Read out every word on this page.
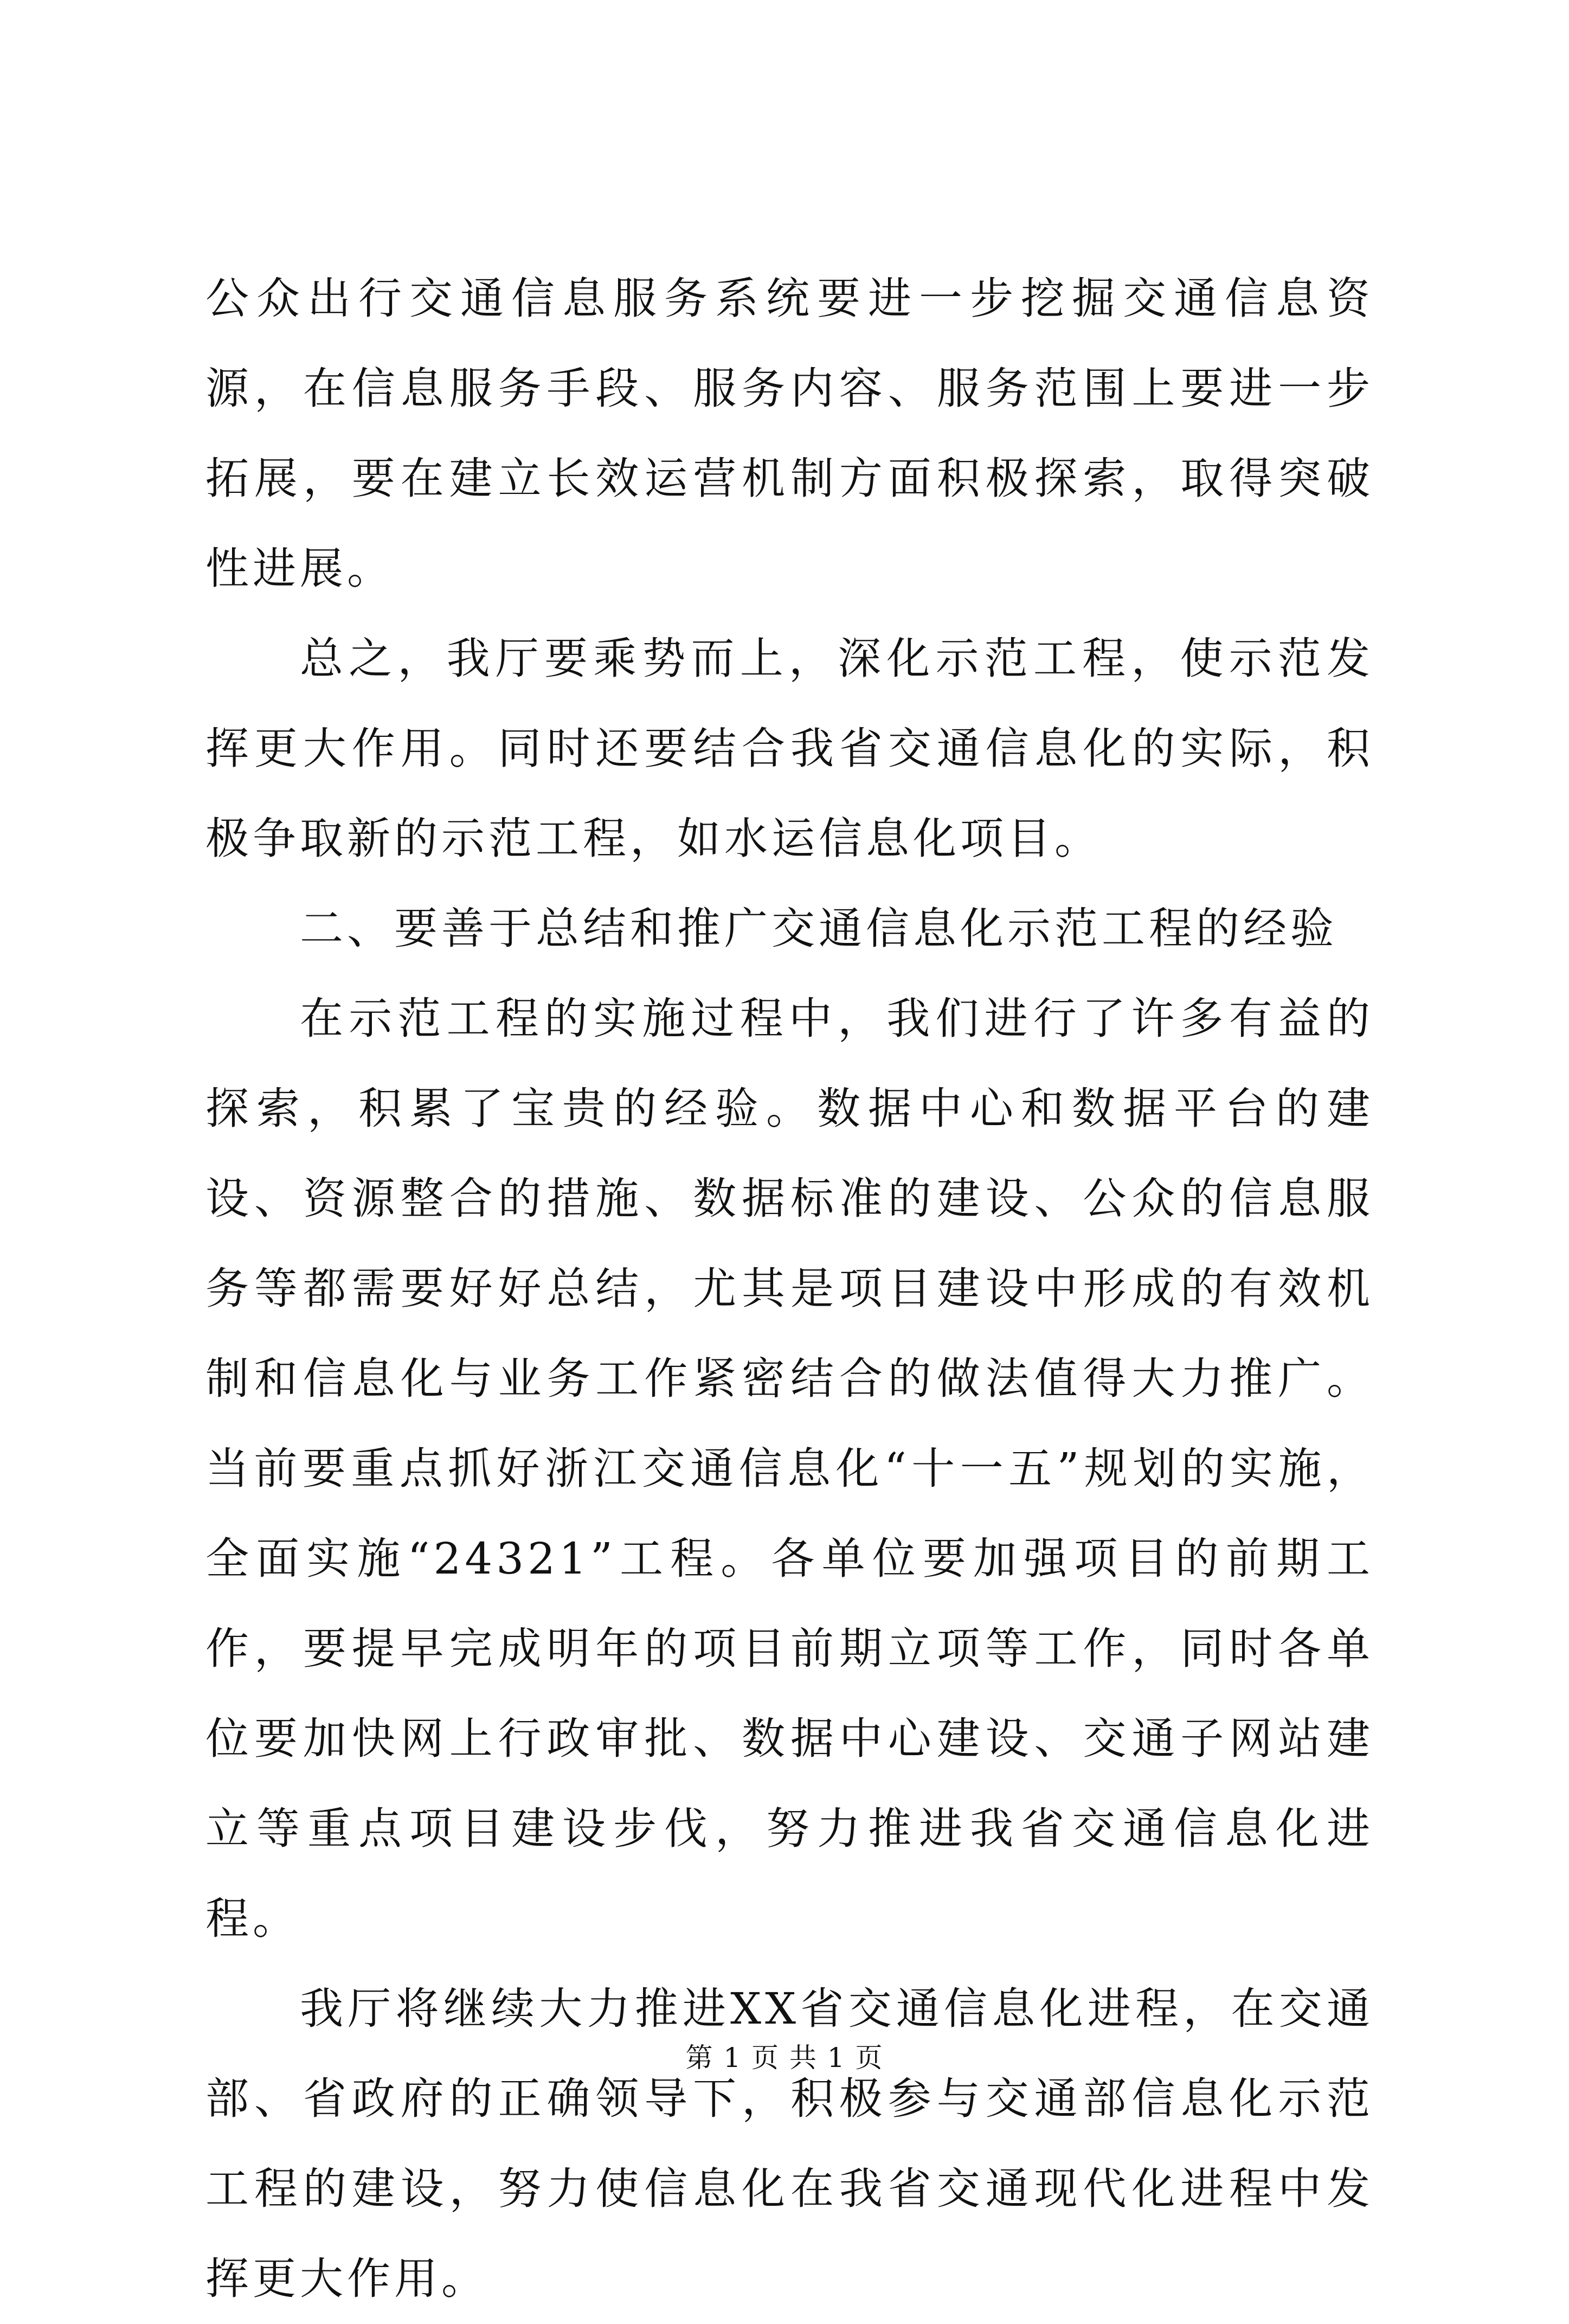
公众出行交通信息服务系统要进一步挖掘交通信息资源，在信息服务手段、服务内容、服务范围上要进一步拓展，要在建立长效运营机制方面积极探索，取得突破性进展。

总之，我厅要乘势而上，深化示范工程，使示范发挥更大作用。同时还要结合我省交通信息化的实际，积极争取新的示范工程，如水运信息化项目。

二、要善于总结和推广交通信息化示范工程的经验

在示范工程的实施过程中，我们进行了许多有益的探索，积累了宝贵的经验。数据中心和数据平台的建设、资源整合的措施、数据标准的建设、公众的信息服务等都需要好好总结，尤其是项目建设中形成的有效机制和信息化与业务工作紧密结合的做法值得大力推广。当前要重点抓好浙江交通信息化“十一五”规划的实施，全面实施“24321”工程。各单位要加强项目的前期工作，要提早完成明年的项目前期立项等工作，同时各单位要加快网上行政审批、数据中心建设、交通子网站建立等重点项目建设步伐，努力推进我省交通信息化进程。

我厅将继续大力推进XX省交通信息化进程，在交通部、省政府的正确领导下，积极参与交通部信息化示范工程的建设，努力使信息化在我省交通现代化进程中发挥更大作用。

第 1 页 共 1 页
